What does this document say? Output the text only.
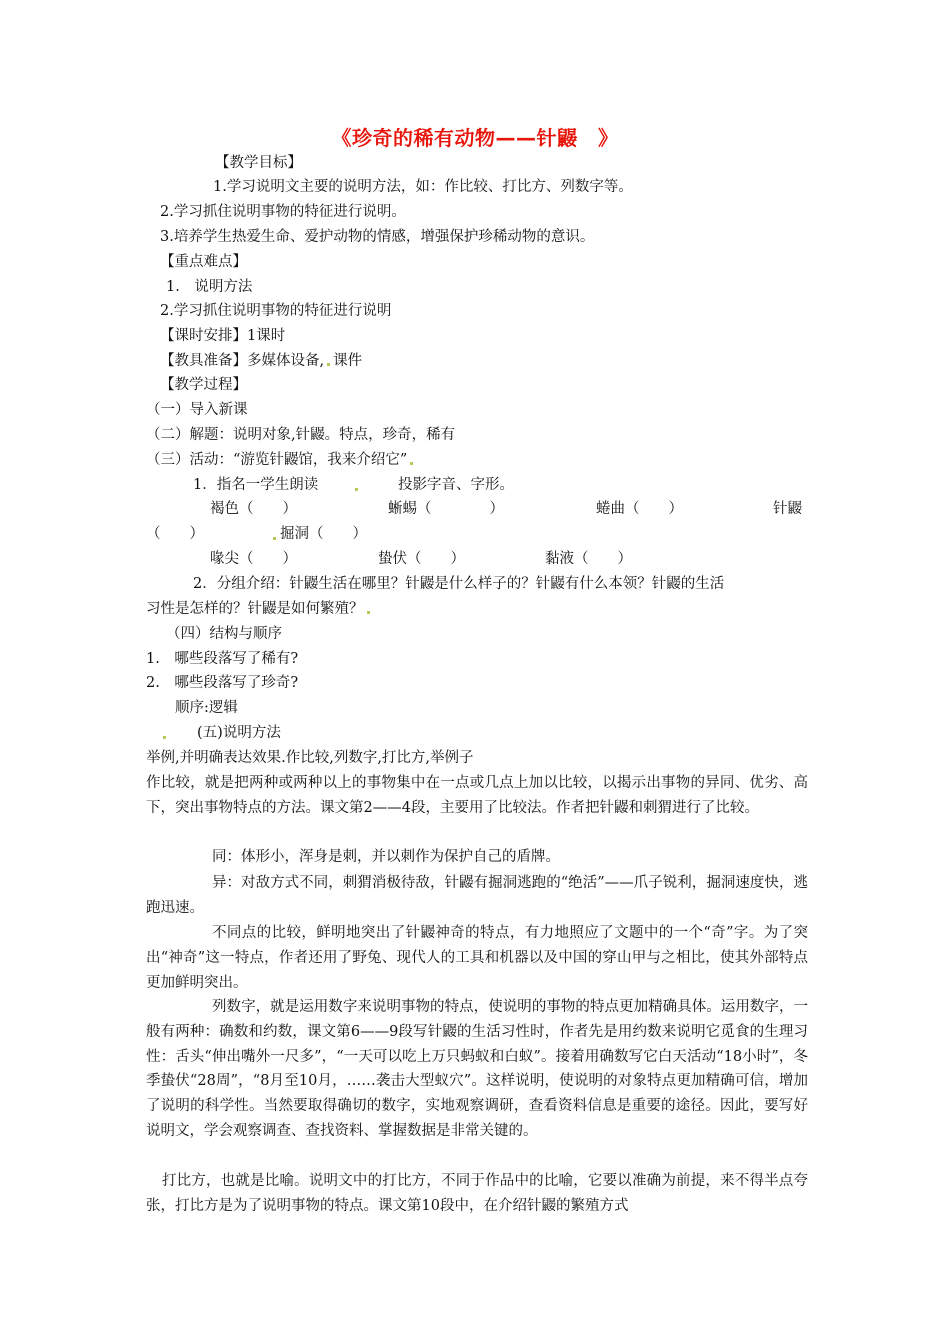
《珍奇的稀有动物——针鼹　》
【教学目标】
1.学习说明文主要的说明方法，如：作比较、打比方、列数字等。
2.学习抓住说明事物的特征进行说明。
3.培养学生热爱生命、爱护动物的情感，增强保护珍稀动物的意识。
【重点难点】
1.　说明方法
2.学习抓住说明事物的特征进行说明
【课时安排】1课时
【教具准备】多媒体设备, 课件
【教学过程】
（一）导入新课
（二）解题：说明对象,针鼹。特点，珍奇，稀有
（三）活动：“游览针鼹馆，我来介绍它”
1．指名一学生朗读	投影字音、字形。
褐色（　　）	蜥蜴（　　　　）	蜷曲（　　）	针鼹
（　　）	掘洞（　　）
喙尖（　　）	蛰伏（　　）	黏液（　　）
2．分组介绍：针鼹生活在哪里？针鼹是什么样子的？针鼹有什么本领？针鼹的生活
习性是怎样的？针鼹是如何繁殖？
（四）结构与顺序
1.　哪些段落写了稀有?
2.　哪些段落写了珍奇?
顺序:逻辑
(五)说明方法
举例,并明确表达效果.作比较,列数字,打比方,举例子
作比较，就是把两种或两种以上的事物集中在一点或几点上加以比较，以揭示出事物的异同、优劣、高下，突出事物特点的方法。课文第2——4段，主要用了比较法。作者把针鼹和刺猬进行了比较。
同：体形小，浑身是刺，并以刺作为保护自己的盾牌。
异：对敌方式不同，刺猬消极待敌，针鼹有掘洞逃跑的“绝活”——爪子锐利，掘洞速度快，逃跑迅速。
不同点的比较，鲜明地突出了针鼹神奇的特点，有力地照应了文题中的一个“奇”字。为了突出“神奇”这一特点，作者还用了野兔、现代人的工具和机器以及中国的穿山甲与之相比，使其外部特点更加鲜明突出。
列数字，就是运用数字来说明事物的特点，使说明的事物的特点更加精确具体。运用数字，一般有两种：确数和约数，课文第6——9段写针鼹的生活习性时，作者先是用约数来说明它觅食的生理习性：舌头“伸出嘴外一尺多”，“一天可以吃上万只蚂蚁和白蚁”。接着用确数写它白天活动“18小时”，冬季蛰伏“28周”，“8月至10月，……袭击大型蚁穴”。这样说明，使说明的对象特点更加精确可信，增加了说明的科学性。当然要取得确切的数字，实地观察调研，查看资料信息是重要的途径。因此，要写好说明文，学会观察调查、查找资料、掌握数据是非常关键的。
打比方，也就是比喻。说明文中的打比方，不同于作品中的比喻，它要以准确为前提，来不得半点夸张，打比方是为了说明事物的特点。课文第10段中，在介绍针鼹的繁殖方式
